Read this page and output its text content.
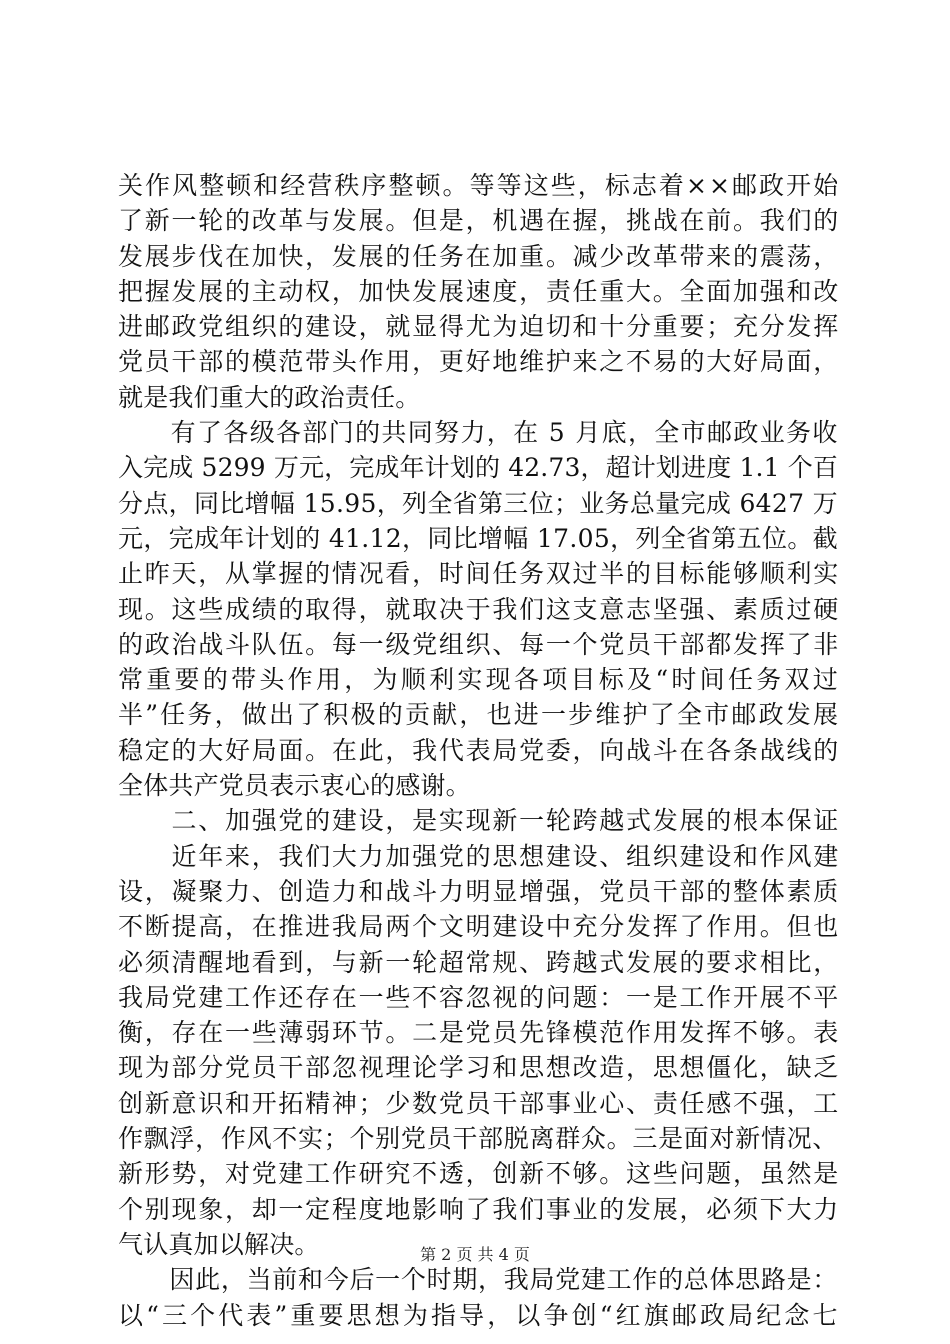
关作风整顿和经营秩序整顿。等等这些，标志着××邮政开始
了新一轮的改革与发展。但是，机遇在握，挑战在前。我们的
发展步伐在加快，发展的任务在加重。减少改革带来的震荡，
把握发展的主动权，加快发展速度，责任重大。全面加强和改
进邮政党组织的建设，就显得尤为迫切和十分重要；充分发挥
党员干部的模范带头作用，更好地维护来之不易的大好局面，
就是我们重大的政治责任。
　　有了各级各部门的共同努力，在 5 月底，全市邮政业务收
入完成 5299 万元，完成年计划的 42.73，超计划进度 1.1 个百
分点，同比增幅 15.95，列全省第三位；业务总量完成 6427 万
元，完成年计划的 41.12，同比增幅 17.05，列全省第五位。截
止昨天，从掌握的情况看，时间任务双过半的目标能够顺利实
现。这些成绩的取得，就取决于我们这支意志坚强、素质过硬
的政治战斗队伍。每一级党组织、每一个党员干部都发挥了非
常重要的带头作用，为顺利实现各项目标及“时间任务双过
半”任务，做出了积极的贡献，也进一步维护了全市邮政发展
稳定的大好局面。在此，我代表局党委，向战斗在各条战线的
全体共产党员表示衷心的感谢。
　　二、加强党的建设，是实现新一轮跨越式发展的根本保证
　　近年来，我们大力加强党的思想建设、组织建设和作风建
设，凝聚力、创造力和战斗力明显增强，党员干部的整体素质
不断提高，在推进我局两个文明建设中充分发挥了作用。但也
必须清醒地看到，与新一轮超常规、跨越式发展的要求相比，
我局党建工作还存在一些不容忽视的问题：一是工作开展不平
衡，存在一些薄弱环节。二是党员先锋模范作用发挥不够。表
现为部分党员干部忽视理论学习和思想改造，思想僵化，缺乏
创新意识和开拓精神；少数党员干部事业心、责任感不强，工
作飘浮，作风不实；个别党员干部脱离群众。三是面对新情况、
新形势，对党建工作研究不透，创新不够。这些问题，虽然是
个别现象，却一定程度地影响了我们事业的发展，必须下大力
气认真加以解决。
　　因此，当前和今后一个时期，我局党建工作的总体思路是：
以“三个代表”重要思想为指导，以争创“红旗邮政局纪念七
第 2 页 共 4 页
